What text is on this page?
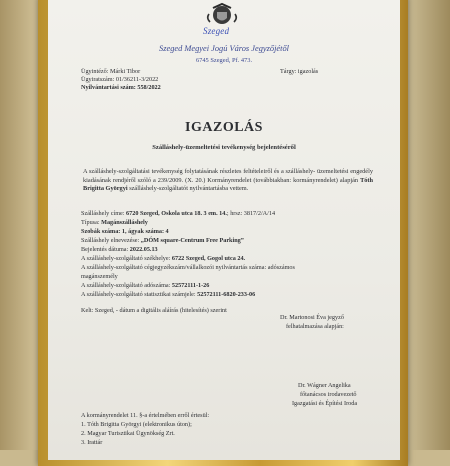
Szeged
Szeged Megyei Jogú Város Jegyzőjétől
6745 Szeged, Pf. 473.
Ügyintéző: Márki Tibor
Ügyiratszám: 01/36211-3/2022
Nyilvántartási szám: 558/2022
Tárgy: igazolás
IGAZOLÁS
Szálláshely-üzemeltetési tevékenység bejelentéséről
A szálláshely-szolgáltatási tevékenység folytatásának részletes feltételeiről és a szálláshely- üzemeltetési engedély kiadásának rendjéről szóló a 239/2009. (X. 20.) Kormányrendelet (továbbiakban: kormányrendelet) alapján Tóth Brigitta Györgyi szálláshely-szolgáltatót nyilvántartásba vettem.
Szálláshely címe: 6720 Szeged, Oskola utca 18. 3 em. 14.; hrsz: 3817/2/A/14
Típusa: Magánszálláshely
Szobák száma: 1, ágyak száma: 4
Szálláshely elnevezése: „DÓM square-Centrum Free Parking”
Bejelentés dátuma: 2022.05.13
A szálláshely-szolgáltató székhelye: 6722 Szeged, Gogol utca 24.
A szálláshely-szolgáltató cégjegyzékszám/vállalkozói nyilvántartás száma: adószámos
magánszemély
A szálláshely-szolgáltató adószáma: 52572111-1-26
A szálláshely-szolgáltató statisztikai számjele: 52572111-6820-233-06
Kelt: Szeged, - dátum a digitális aláírás (hitelesítés) szerint
Dr. Martonosi Éva jegyző
felhatalmazása alapján:
Dr. Wágner Angelika
főtanácsos irodavezető
Igazgatási és Építési Iroda
A kormányrendelet 11. §-a értelmében erről értesül:
1. Tóth Brigitta Györgyi (elektronikus úton);
2. Magyar Turisztikai Ügynökség Zrt.
3. Irattár
